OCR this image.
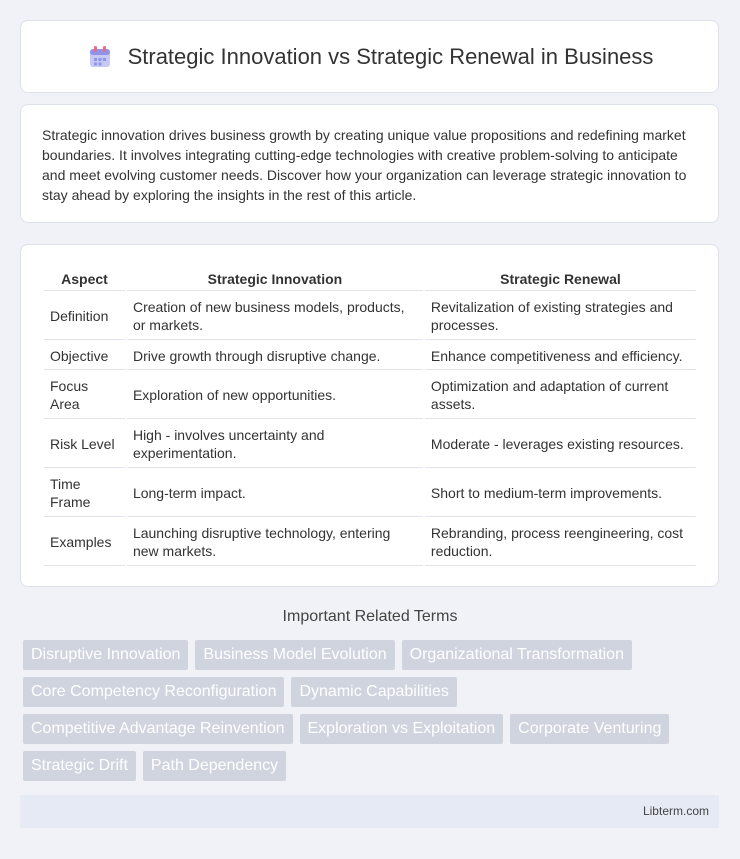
Strategic Innovation vs Strategic Renewal in Business

Strategic innovation drives business growth by creating unique value propositions and redefining market boundaries. It involves integrating cutting-edge technologies with creative problem-solving to anticipate and meet evolving customer needs. Discover how your organization can leverage strategic innovation to stay ahead by exploring the insights in the rest of this article.

Aspect	Strategic Innovation	Strategic Renewal
Definition	Creation of new business models, products, or markets.	Revitalization of existing strategies and processes.
Objective	Drive growth through disruptive change.	Enhance competitiveness and efficiency.
Focus Area	Exploration of new opportunities.	Optimization and adaptation of current assets.
Risk Level	High - involves uncertainty and experimentation.	Moderate - leverages existing resources.
Time Frame	Long-term impact.	Short to medium-term improvements.
Examples	Launching disruptive technology, entering new markets.	Rebranding, process reengineering, cost reduction.
Important Related Terms
Disruptive Innovation	Business Model Evolution	Organizational Transformation
Core Competency Reconfiguration	Dynamic Capabilities
Competitive Advantage Reinvention	Exploration vs Exploitation	Corporate Venturing
Strategic Drift	Path Dependency
Libterm.com
